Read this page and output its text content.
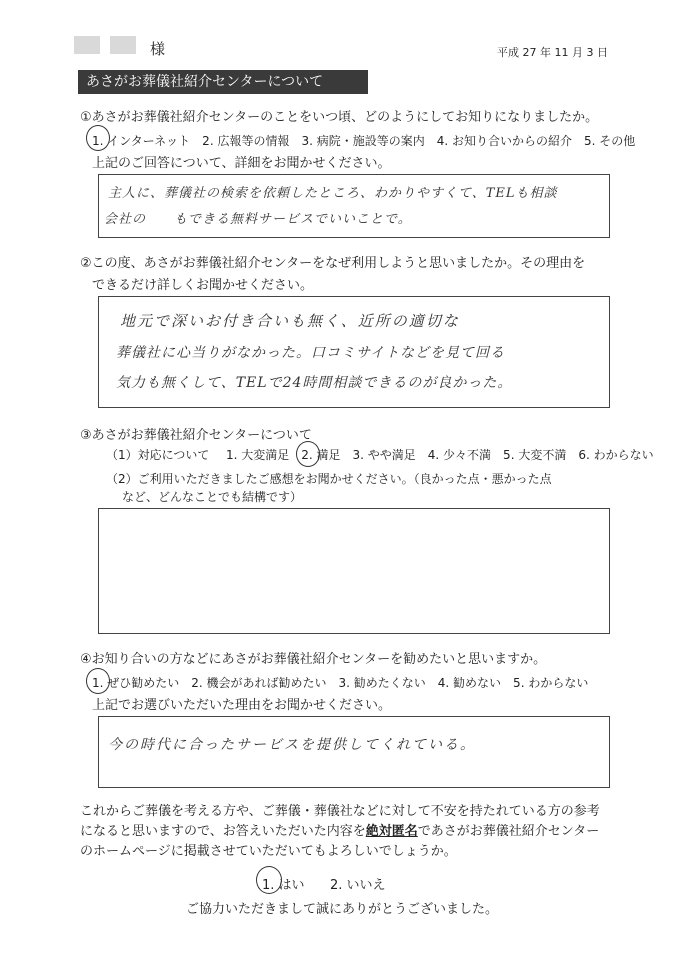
様	平成 27 年 11 月 3 日
あさがお葬儀社紹介センターについて
①あさがお葬儀社紹介センターのことをいつ頃、どのようにしてお知りになりましたか。
1. インターネット　2. 広報等の情報　3. 病院・施設等の案内　4. お知り合いからの紹介　5. その他
上記のご回答について、詳細をお聞かせください。
主人に、葬儀社の検索を依頼したところ、わかりやすくて、TELも相談
会社の　　もできる無料サービスでいいことで。
②この度、あさがお葬儀社紹介センターをなぜ利用しようと思いましたか。その理由を
できるだけ詳しくお聞かせください。
地元で深いお付き合いも無く、近所の適切な
葬儀社に心当りがなかった。口コミサイトなどを見て回る
気力も無くして、TELで24時間相談できるのが良かった。
③あさがお葬儀社紹介センターについて
（1）対応について 1. 大変満足　2. 満足　3. やや満足　4. 少々不満　5. 大変不満　6. わからない
（2）ご利用いただきましたご感想をお聞かせください。（良かった点・悪かった点
など、どんなことでも結構です）
④お知り合いの方などにあさがお葬儀社紹介センターを勧めたいと思いますか。
1. ぜひ勧めたい　2. 機会があれば勧めたい　3. 勧めたくない　4. 勧めない　5. わからない
上記でお選びいただいた理由をお聞かせください。
今の時代に合ったサービスを提供してくれている。
これからご葬儀を考える方や、ご葬儀・葬儀社などに対して不安を持たれている方の参考
になると思いますので、お答えいただいた内容を絶対匿名であさがお葬儀社紹介センター
のホームページに掲載させていただいてもよろしいでしょうか。
1. はい 2. いいえ
ご協力いただきまして誠にありがとうございました。
